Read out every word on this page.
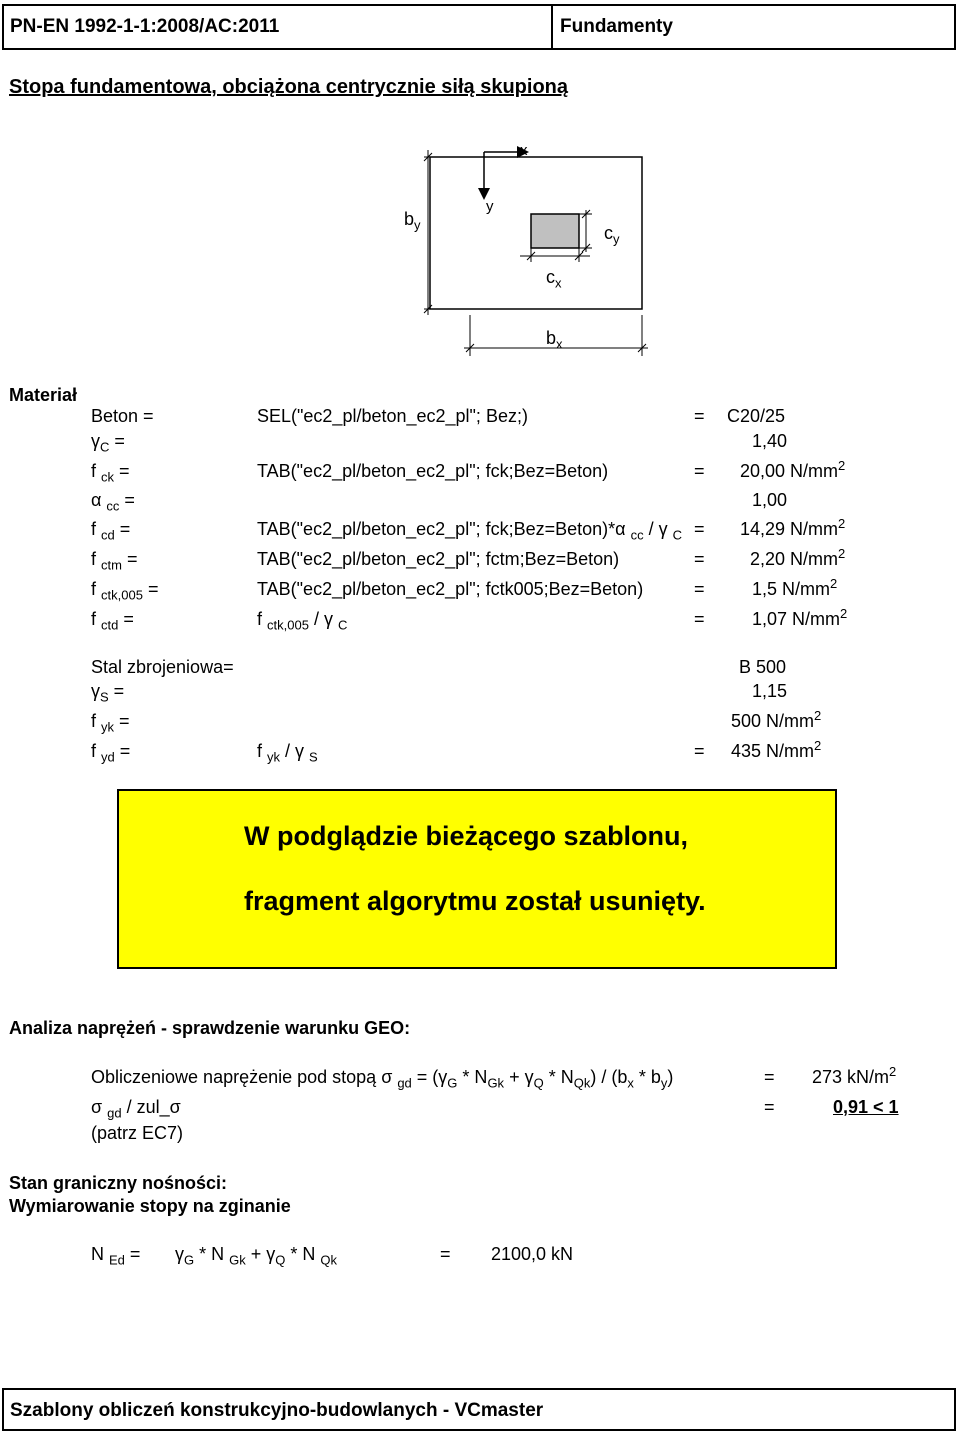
PN-EN 1992-1-1:2008/AC:2011	Fundamenty
Stopa fundamentowa, obciążona centrycznie siłą skupioną
x
y
$b_y$	$c_y$
$c_x$
$b_x$
Materiał
Beton =	SEL("ec2_pl/beton_ec2_pl"; Bez;)	= C20/25
$\gamma_C$ =	1,40
f $_{ck}$ =	TAB("ec2_pl/beton_ec2_pl"; fck;Bez=Beton)	= 20,00 $N/mm^2$
α $_{cc}$ =	1,00
f $_{cd}$ =	TAB("ec2_pl/beton_ec2_pl"; fck;Bez=Beton)*α $_{cc}$ / γ $_C$ = 14,29 $N/mm^2$
f $_{ctm}$ =	TAB("ec2_pl/beton_ec2_pl"; fctm;Bez=Beton)	=	2,20 $N/mm^2$
f $_{ctk,005}$ =	TAB("ec2_pl/beton_ec2_pl"; fctk005;Bez=Beton)	=	1,5 $N/mm^2$
f $_{ctd}$ =	f $_{ctk,005}$ / γ $_C$	=	1,07 $N/mm^2$
Stal zbrojeniowa=	B 500
$\gamma_S$ =	1,15
f $_{yk}$ =	500 $N/mm^2$
f $_{yd}$ =	f $_{yk}$ / γ $_S$	= 435 $N/mm^2$
W podglądzie bieżącego szablonu,
fragment algorytmu został usunięty.
Analiza naprężeń - sprawdzenie warunku GEO:
Obliczeniowe naprężenie pod stopą σ $_{gd} = (\gamma_G * N_{Gk} + \gamma_Q * N_{Qk}) / (b_x * b_y)$	= 273 $kN/m^2$
σ $_{gd}$ / zul_σ	=	0,91 < 1
(patrz EC7)
Stan graniczny nośności:
Wymiarowanie stopy na zginanie
N $_{Ed} = \gamma_G * N$ $_{Gk} + \gamma_Q * N$ $_{Qk}$	= 2100,0 kN
Szablony obliczeń konstrukcyjno-budowlanych - VCmaster
